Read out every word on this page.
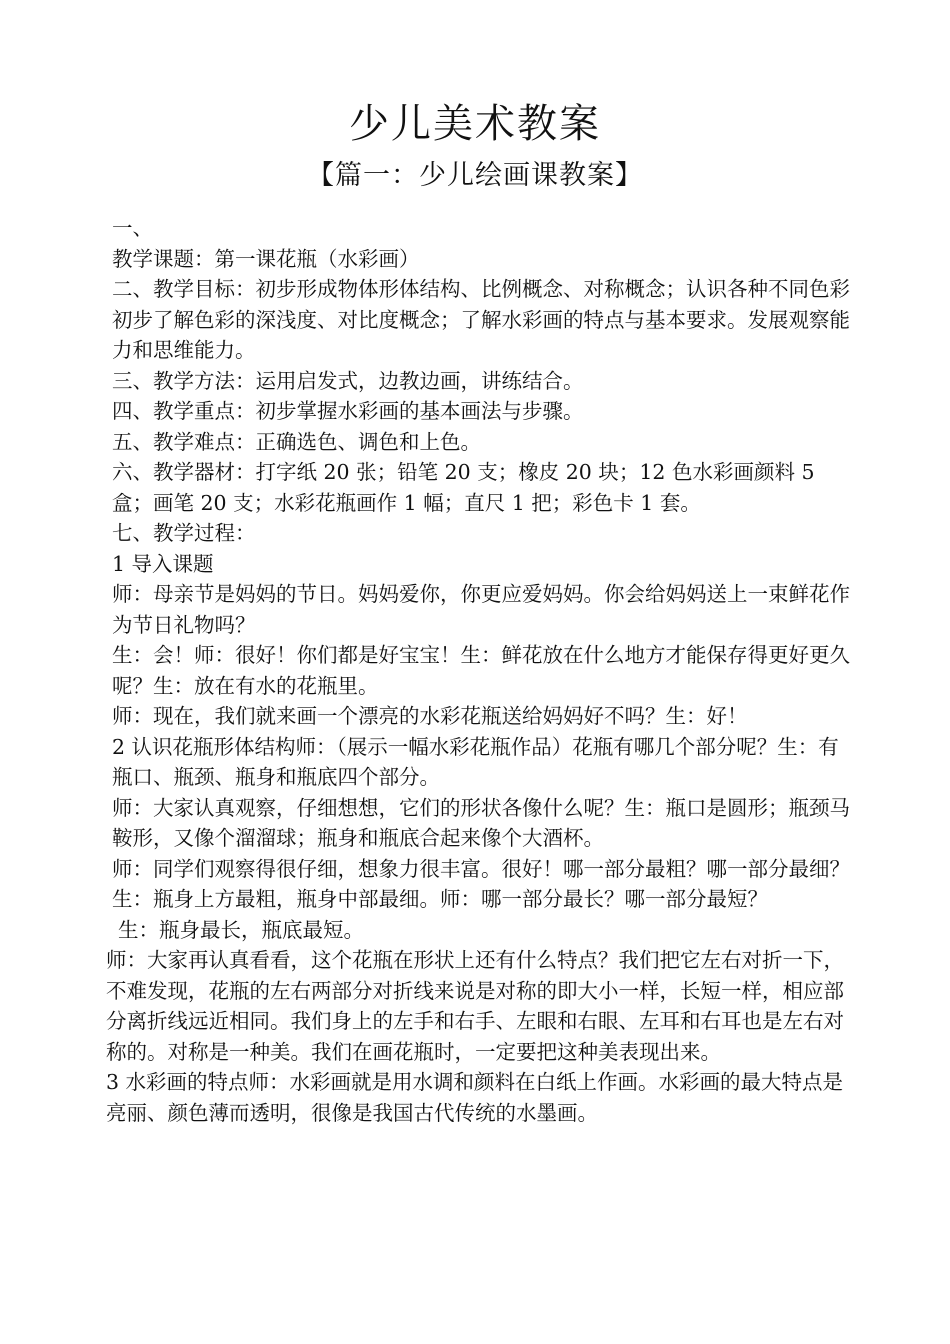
少儿美术教案
【篇一：少儿绘画课教案】

一、

教学课题：第一课花瓶（水彩画）

二、教学目标：初步形成物体形体结构、比例概念、对称概念；认识各种不同色彩初步了解色彩的深浅度、对比度概念；了解水彩画的特点与基本要求。发展观察能力和思维能力。

三、教学方法：运用启发式，边教边画，讲练结合。

四、教学重点：初步掌握水彩画的基本画法与步骤。

五、教学难点：正确选色、调色和上色。

六、教学器材：打字纸 20 张；铅笔 20 支；橡皮 20 块；12 色水彩画颜料 5 盒；画笔 20 支；水彩花瓶画作 1 幅；直尺 1 把；彩色卡 1 套。

七、教学过程：

1 导入课题

师：母亲节是妈妈的节日。妈妈爱你，你更应爱妈妈。你会给妈妈送上一束鲜花作为节日礼物吗？

生：会！师：很好！你们都是好宝宝！生：鲜花放在什么地方才能保存得更好更久呢？生：放在有水的花瓶里。

师：现在，我们就来画一个漂亮的水彩花瓶送给妈妈好不吗？生：好！

2 认识花瓶形体结构师：（展示一幅水彩花瓶作品）花瓶有哪几个部分呢？生：有瓶口、瓶颈、瓶身和瓶底四个部分。

师：大家认真观察，仔细想想，它们的形状各像什么呢？生：瓶口是圆形；瓶颈马鞍形，又像个溜溜球；瓶身和瓶底合起来像个大酒杯。

师：同学们观察得很仔细，想象力很丰富。很好！哪一部分最粗？哪一部分最细？

生：瓶身上方最粗，瓶身中部最细。师：哪一部分最长？哪一部分最短？

生：瓶身最长，瓶底最短。

师：大家再认真看看，这个花瓶在形状上还有什么特点？我们把它左右对折一下，不难发现，花瓶的左右两部分对折线来说是对称的即大小一样，长短一样，相应部分离折线远近相同。我们身上的左手和右手、左眼和右眼、左耳和右耳也是左右对称的。对称是一种美。我们在画花瓶时，一定要把这种美表现出来。

3 水彩画的特点师：水彩画就是用水调和颜料在白纸上作画。水彩画的最大特点是亮丽、颜色薄而透明，很像是我国古代传统的水墨画。
